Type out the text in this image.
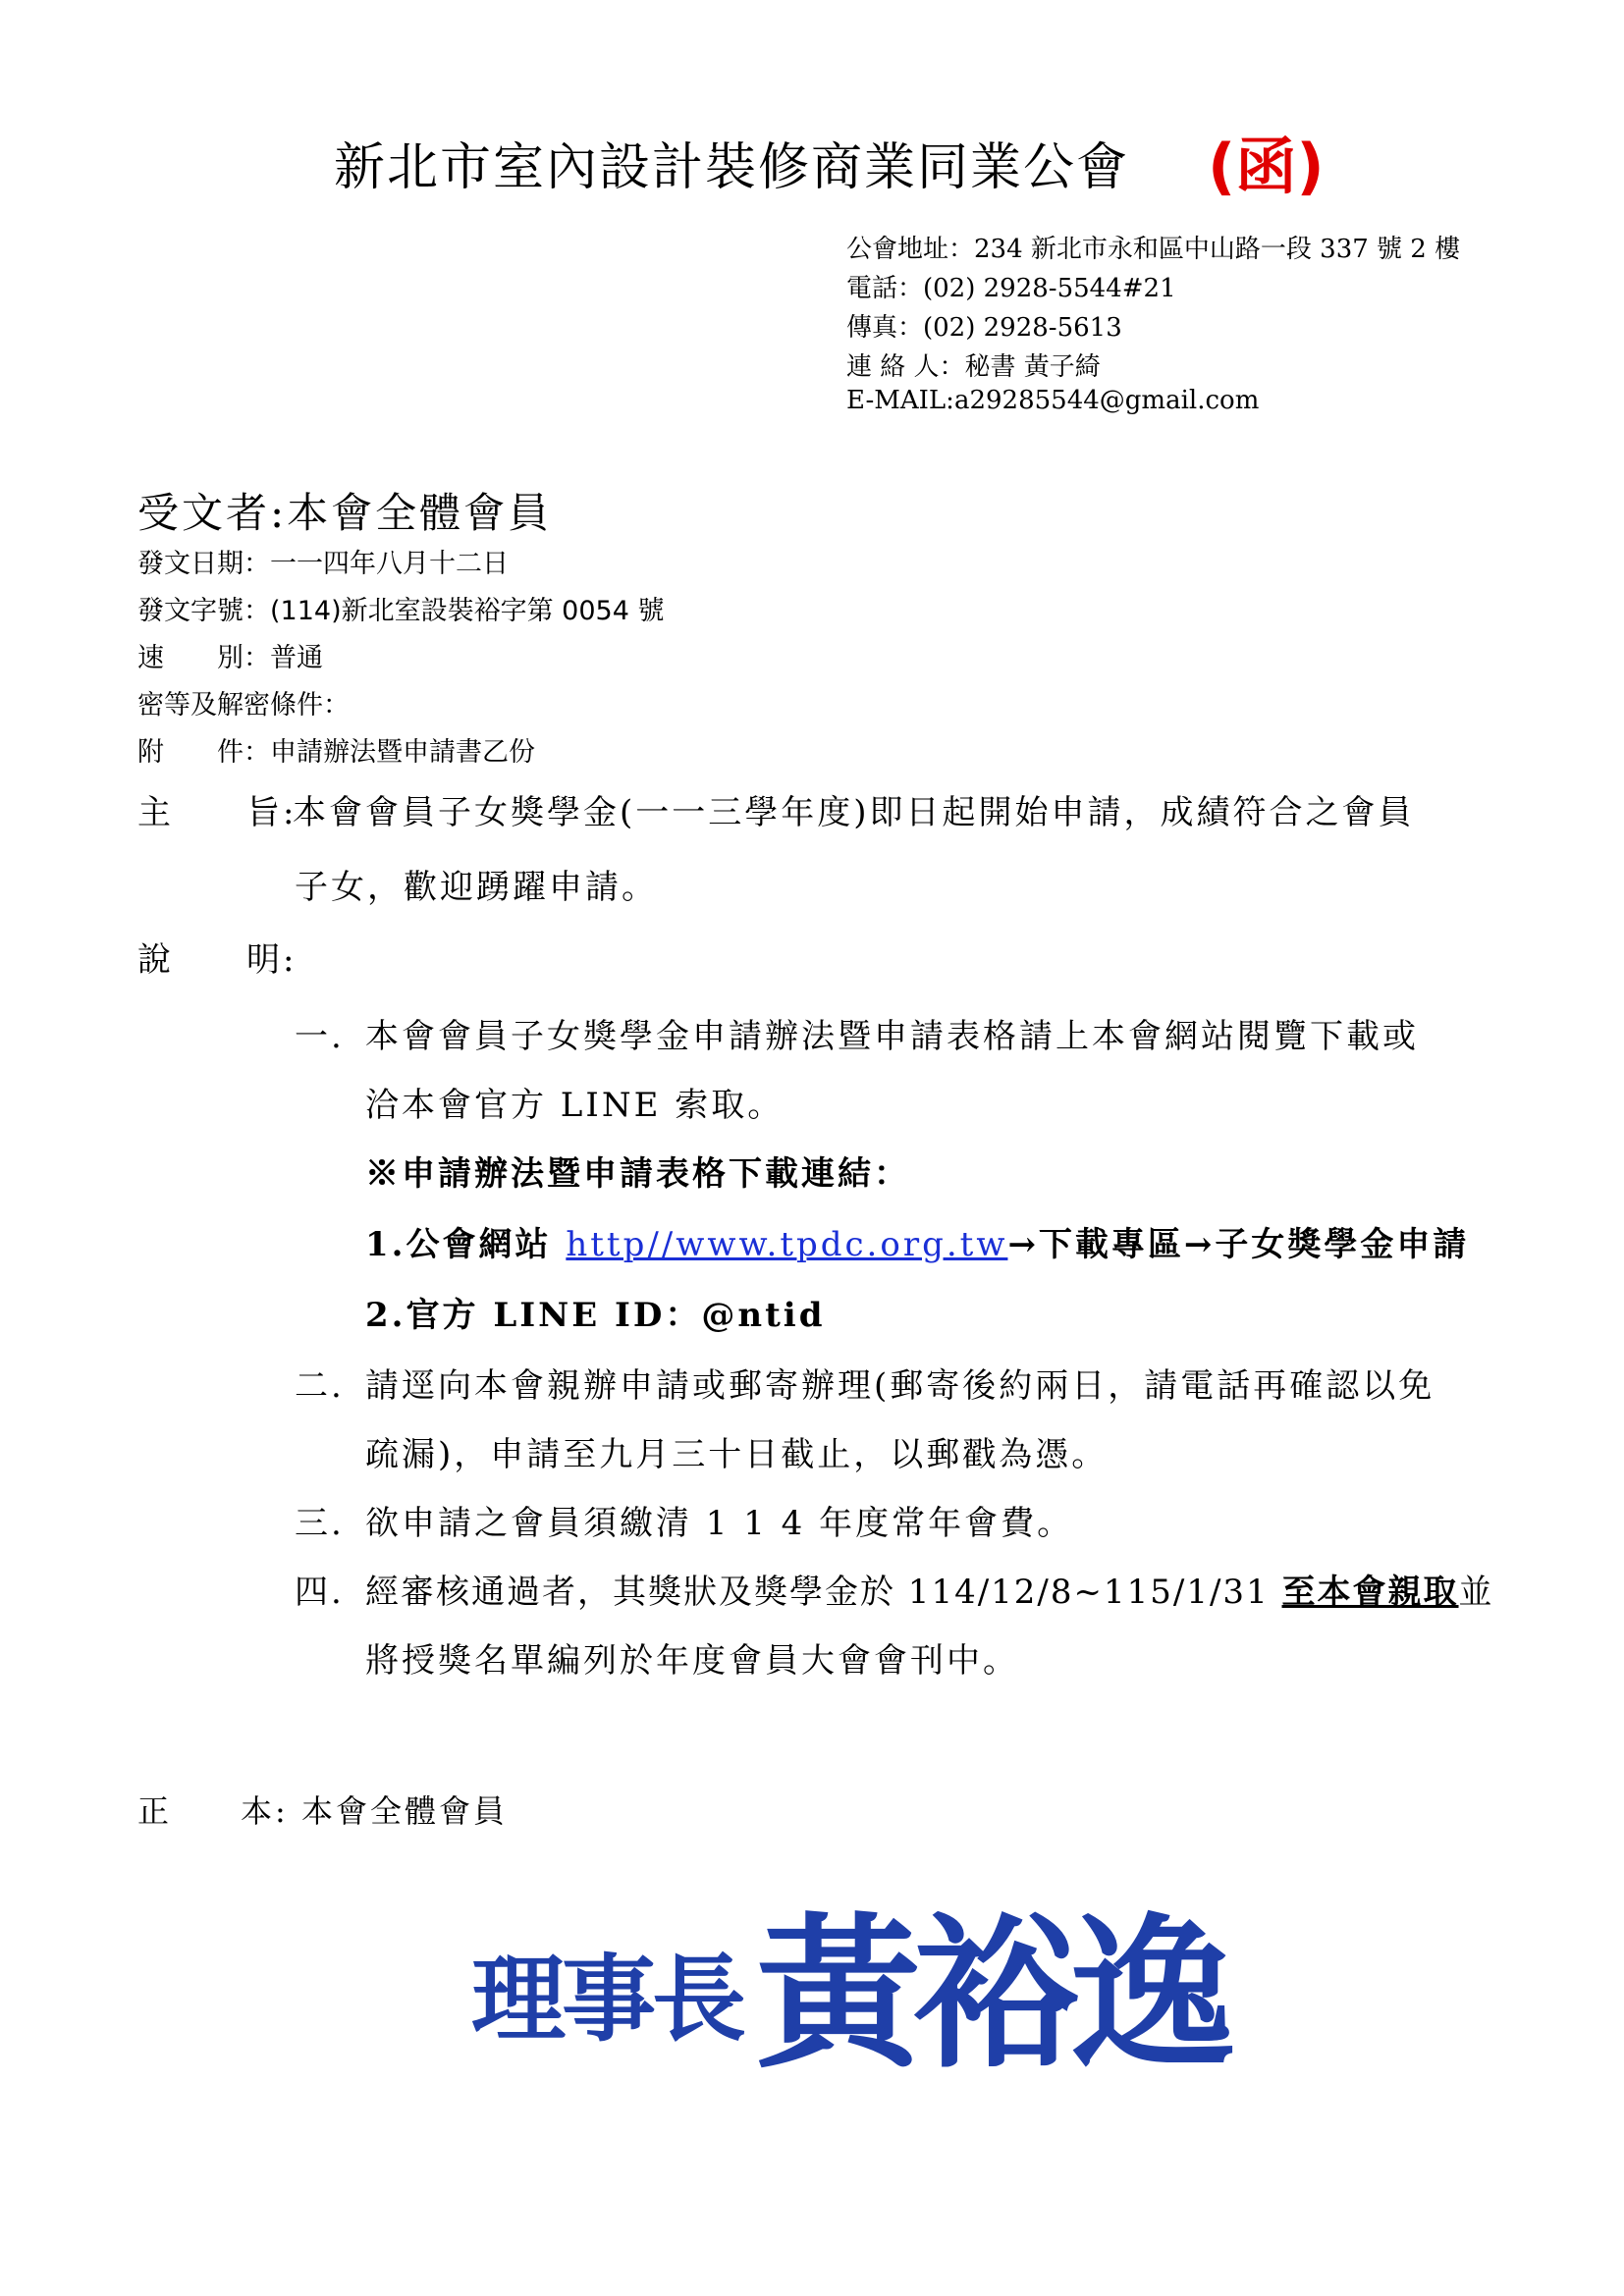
新北市室內設計裝修商業同業公會 (函)
公會地址：234 新北市永和區中山路一段 337 號 2 樓
電話：(02) 2928-5544#21
傳真：(02) 2928-5613
連 絡 人：秘書 黃子綺
E-MAIL:a29285544@gmail.com
受文者:本會全體會員
發文日期：一一四年八月十二日
發文字號：(114)新北室設裝裕字第 0054 號
速　　別：普通
密等及解密條件：
附　　件：申請辦法暨申請書乙份
主　　旨:
本會會員子女獎學金(一一三學年度)即日起開始申請，成績符合之會員
子女，歡迎踴躍申請。
說　　明:
一. 本會會員子女獎學金申請辦法暨申請表格請上本會網站閱覽下載或
洽本會官方 LINE 索取。
※申請辦法暨申請表格下載連結：
1.公會網站 http//www.tpdc.org.tw→下載專區→子女獎學金申請
2.官方 LINE ID：@ntid
二. 請逕向本會親辦申請或郵寄辦理(郵寄後約兩日，請電話再確認以免
疏漏)，申請至九月三十日截止，以郵戳為憑。
三. 欲申請之會員須繳清 1 1 4 年度常年會費。
四. 經審核通過者，其獎狀及獎學金於 114/12/8~115/1/31 至本會親取並
將授獎名單編列於年度會員大會會刊中。
正　　本: 本會全體會員
理事長 黃裕逸
